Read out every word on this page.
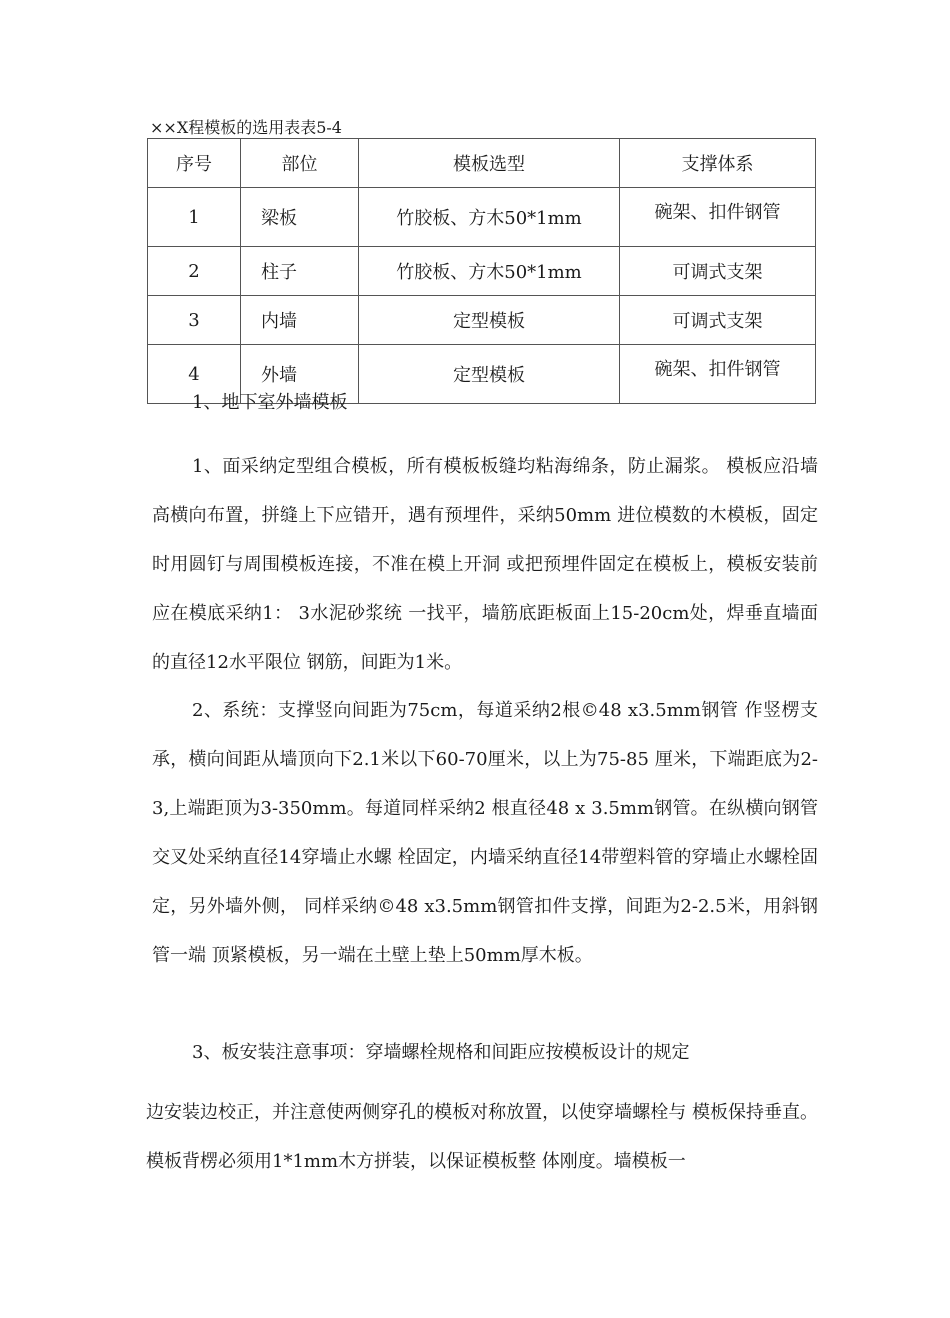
××X程模板的选用表表5-4
序号	部位	模板选型	支撑体系
1	梁板	竹胶板、方木50*1mm	碗架、扣件钢管
2	柱子	竹胶板、方木50*1mm	可调式支架
3	内墙	定型模板	可调式支架
4	外墙	定型模板	碗架、扣件钢管
1、地下室外墙模板
1、面采纳定型组合模板，所有模板板缝均粘海绵条，防止漏浆。 模板应沿墙高横向布置，拼缝上下应错开，遇有预埋件，采纳50mm 进位模数的木模板，固定时用圆钉与周围模板连接，不准在模上开洞 或把预埋件固定在模板上，模板安装前应在模底采纳1： 3水泥砂浆统 一找平，墙筋底距板面上15-20cm处，焊垂直墙面的直径12水平限位 钢筋，间距为1米。
2、系统：支撑竖向间距为75cm，每道采纳2根©48 x3.5mm钢管 作竖楞支承，横向间距从墙顶向下2.1米以下60-70厘米，以上为75-85 厘米，下端距底为2-3,上端距顶为3-350mm。每道同样采纳2 根直径48 x 3.5mm钢管。在纵横向钢管交叉处采纳直径14穿墙止水螺 栓固定，内墙采纳直径14带塑料管的穿墙止水螺栓固定，另外墙外侧， 同样采纳©48 x3.5mm钢管扣件支撑，间距为2-2.5米，用斜钢管一端 顶紧模板，另一端在土壁上垫上50mm厚木板。
3、板安装注意事项：穿墙螺栓规格和间距应按模板设计的规定
边安装边校正，并注意使两侧穿孔的模板对称放置，以使穿墙螺栓与 模板保持垂直。模板背楞必须用1*1mm木方拼装，以保证模板整 体刚度。墙模板一
